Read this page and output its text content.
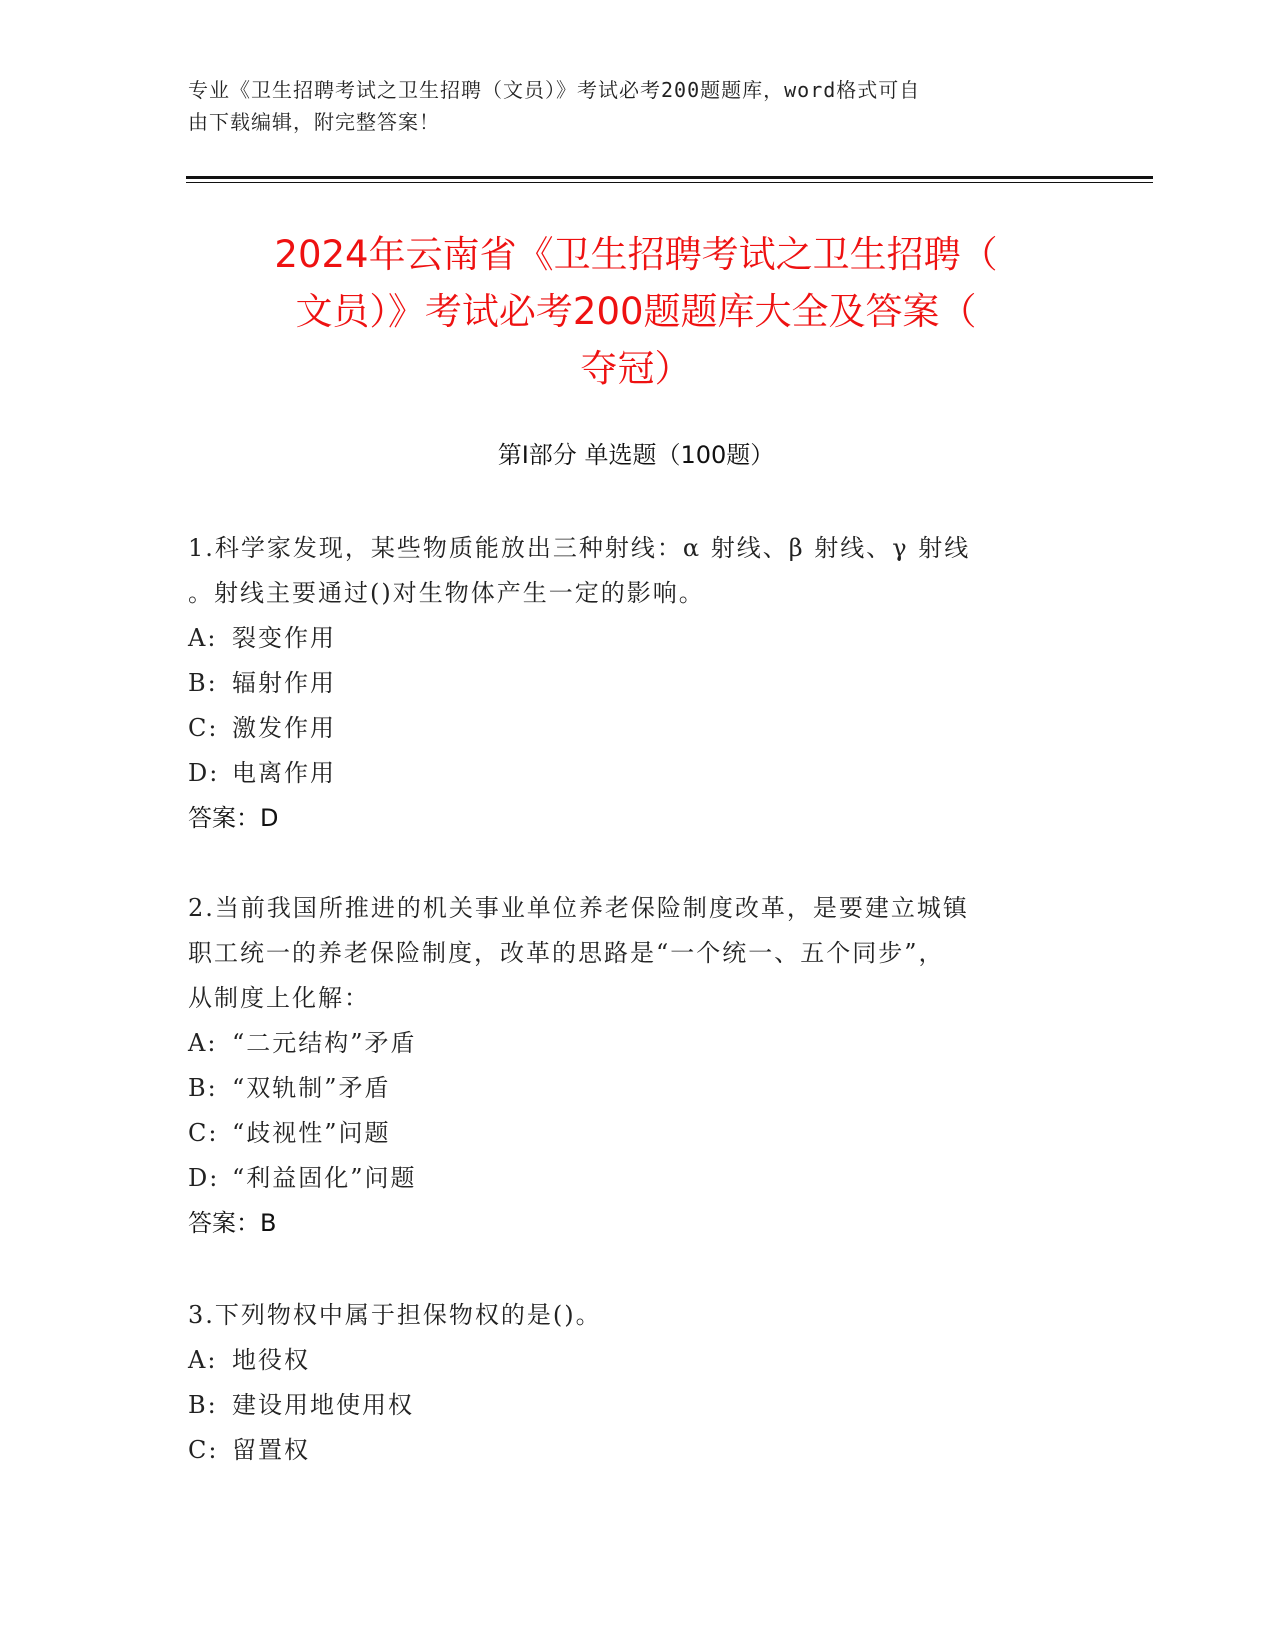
专业《卫生招聘考试之卫生招聘（文员）》考试必考200题题库，word格式可自
由下载编辑，附完整答案！
2024年云南省《卫生招聘考试之卫生招聘（
文员）》考试必考200题题库大全及答案（
夺冠）
第Ⅰ部分 单选题（100题）
1.科学家发现，某些物质能放出三种射线：α 射线、β 射线、γ 射线
。射线主要通过()对生物体产生一定的影响。
A: 裂变作用
B: 辐射作用
C: 激发作用
D: 电离作用
答案：D
2.当前我国所推进的机关事业单位养老保险制度改革，是要建立城镇
职工统一的养老保险制度，改革的思路是“一个统一、五个同步”，
从制度上化解：
A: “二元结构”矛盾
B: “双轨制”矛盾
C: “歧视性”问题
D: “利益固化”问题
答案：B
3.下列物权中属于担保物权的是()。
A: 地役权
B: 建设用地使用权
C: 留置权
